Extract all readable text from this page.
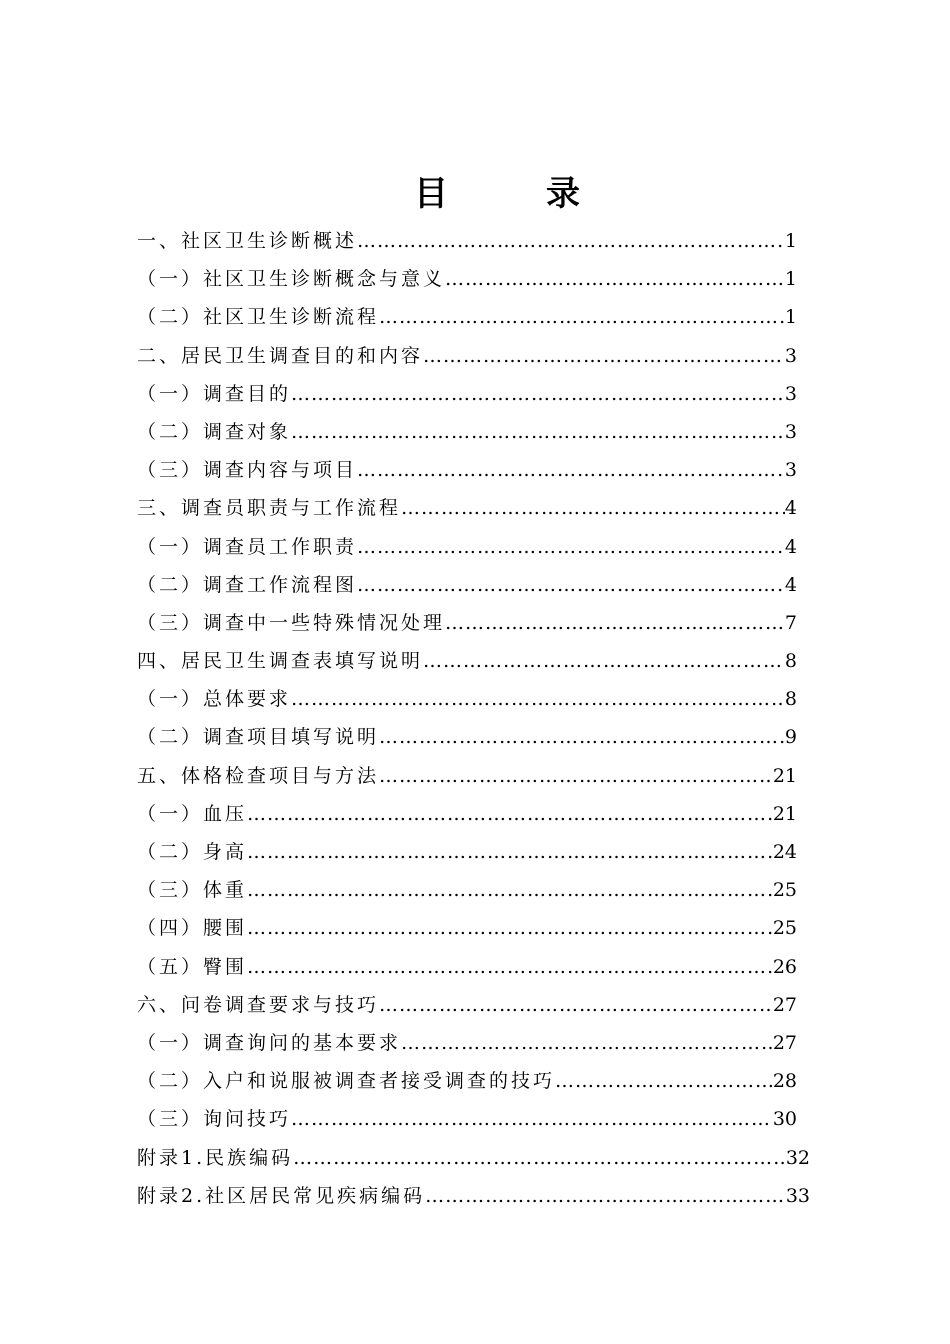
目　录
一、社区卫生诊断概述 ……………………………………………………………………………………………………………………………………………………………………………………	1
（一）社区卫生诊断概念与意义 ……………………………………………………………………………………………………………………………………………………………………………………	1
（二）社区卫生诊断流程 ……………………………………………………………………………………………………………………………………………………………………………………	1
二、居民卫生调查目的和内容 ……………………………………………………………………………………………………………………………………………………………………………………	3
（一）调查目的 ……………………………………………………………………………………………………………………………………………………………………………………	3
（二）调查对象 ……………………………………………………………………………………………………………………………………………………………………………………	3
（三）调查内容与项目 ……………………………………………………………………………………………………………………………………………………………………………………	3
三、调查员职责与工作流程 ……………………………………………………………………………………………………………………………………………………………………………………	4
（一）调查员工作职责 ……………………………………………………………………………………………………………………………………………………………………………………	4
（二）调查工作流程图 ……………………………………………………………………………………………………………………………………………………………………………………	4
（三）调查中一些特殊情况处理 ……………………………………………………………………………………………………………………………………………………………………………………	7
四、居民卫生调查表填写说明 ……………………………………………………………………………………………………………………………………………………………………………………	8
（一）总体要求 ……………………………………………………………………………………………………………………………………………………………………………………	8
（二）调查项目填写说明 ……………………………………………………………………………………………………………………………………………………………………………………	9
五、体格检查项目与方法 ……………………………………………………………………………………………………………………………………………………………………………………	21
（一）血压 ……………………………………………………………………………………………………………………………………………………………………………………	21
（二）身高 ……………………………………………………………………………………………………………………………………………………………………………………	24
（三）体重 ……………………………………………………………………………………………………………………………………………………………………………………	25
（四）腰围 ……………………………………………………………………………………………………………………………………………………………………………………	25
（五）臀围 ……………………………………………………………………………………………………………………………………………………………………………………	26
六、问卷调查要求与技巧 ……………………………………………………………………………………………………………………………………………………………………………………	27
（一）调查询问的基本要求 ……………………………………………………………………………………………………………………………………………………………………………………	27
（二）入户和说服被调查者接受调查的技巧 ……………………………………………………………………………………………………………………………………………………………………………………	28
（三）询问技巧 ……………………………………………………………………………………………………………………………………………………………………………………	30
附录1.民族编码 ……………………………………………………………………………………………………………………………………………………………………………………	32
附录2.社区居民常见疾病编码 ……………………………………………………………………………………………………………………………………………………………………………………	33
